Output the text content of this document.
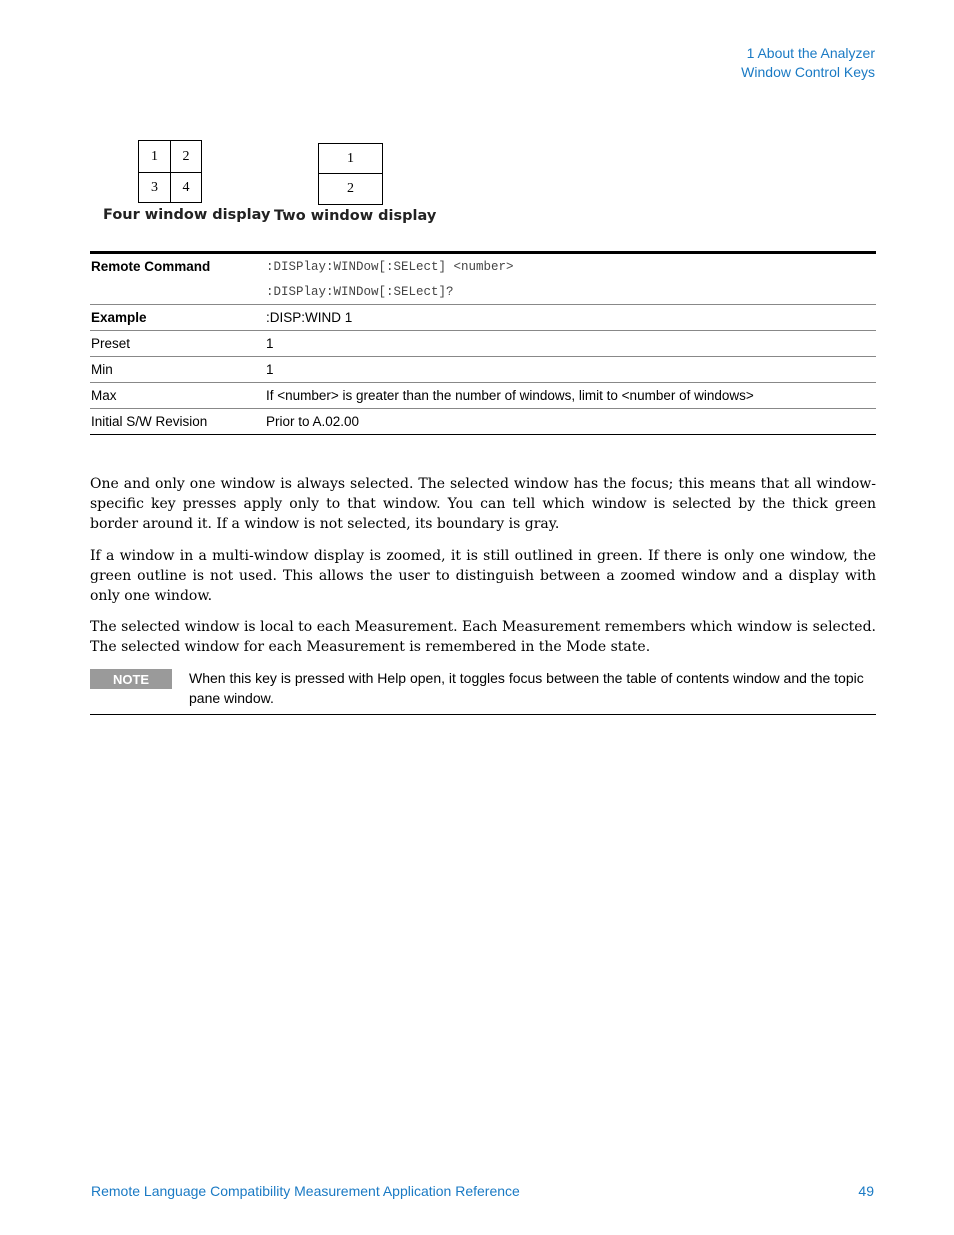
1 About the Analyzer
Window Control Keys
1	2
3	4
Four window display
1
2
Two window display
Remote Command	:DISPlay:WINDow[:SELect] <number>
	:DISPlay:WINDow[:SELect]?
Example	:DISP:WIND 1
Preset	1
Min	1
Max	If <number> is greater than the number of windows, limit to <number of windows>
Initial S/W Revision	Prior to A.02.00

One and only one window is always selected. The selected window has the focus; this means that all window-specific key presses apply only to that window. You can tell which window is selected by the thick green border around it. If a window is not selected, its boundary is gray.

If a window in a multi-window display is zoomed, it is still outlined in green. If there is only one window, the green outline is not used. This allows the user to distinguish between a zoomed window and a display with only one window.

The selected window is local to each Measurement. Each Measurement remembers which window is selected. The selected window for each Measurement is remembered in the Mode state.

NOTE	When this key is pressed with Help open, it toggles focus between the table of contents window and the topic pane window.
Remote Language Compatibility Measurement Application Reference	49
